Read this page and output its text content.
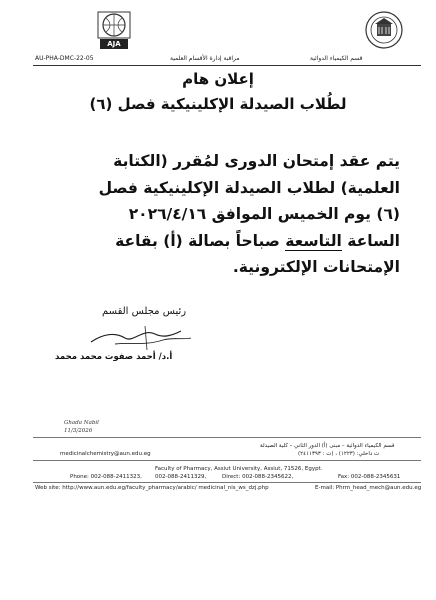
AJA
قسم الكيمياء الدوائية
مراقبة إدارة الأقسام العلمية
AU-PHA-DMC-22-05
إعلان هام
لطُلاب الصيدلة الإكلينيكية فصل (٦)

يتم عقد إمتحان الدورى لمُقرر (الكتابة

العلمية) لطلاب الصيدلة الإكلينيكية فصل

(٦) يوم الخميس الموافق ٢٠٢٦/٤/١٦

الساعة التاسعة صباحاً بصالة (أ) بقاعة

الإمتحانات الإلكترونية.

رئيس مجلس القسم
أ.د/ أحمد صفوت محمد محمد
Ghada Nabil
11/3/2026
قسم الكيمياء الدوائية – مبنى (أ) الدور الثاني – كلية الصيدلة
medicinalchemistry@aun.edu.eg	ت داخلي: (١٢٢٣) ، (ت : ٢٤١١٣٩٣)
Faculty of Pharmacy, Assiut University, Assiut, 71526, Egypt.
Phone: 002-088-2411323, 002-088-2411329,	Direct: 002-088-2345622,	Fax: 002-088-2345631
Web site: http://www.aun.edu.eg/faculty_pharmacy/arabic/ medicinal_nis_ws_dzj.php	E-mail: Phrm_head_mech@aun.edu.eg
